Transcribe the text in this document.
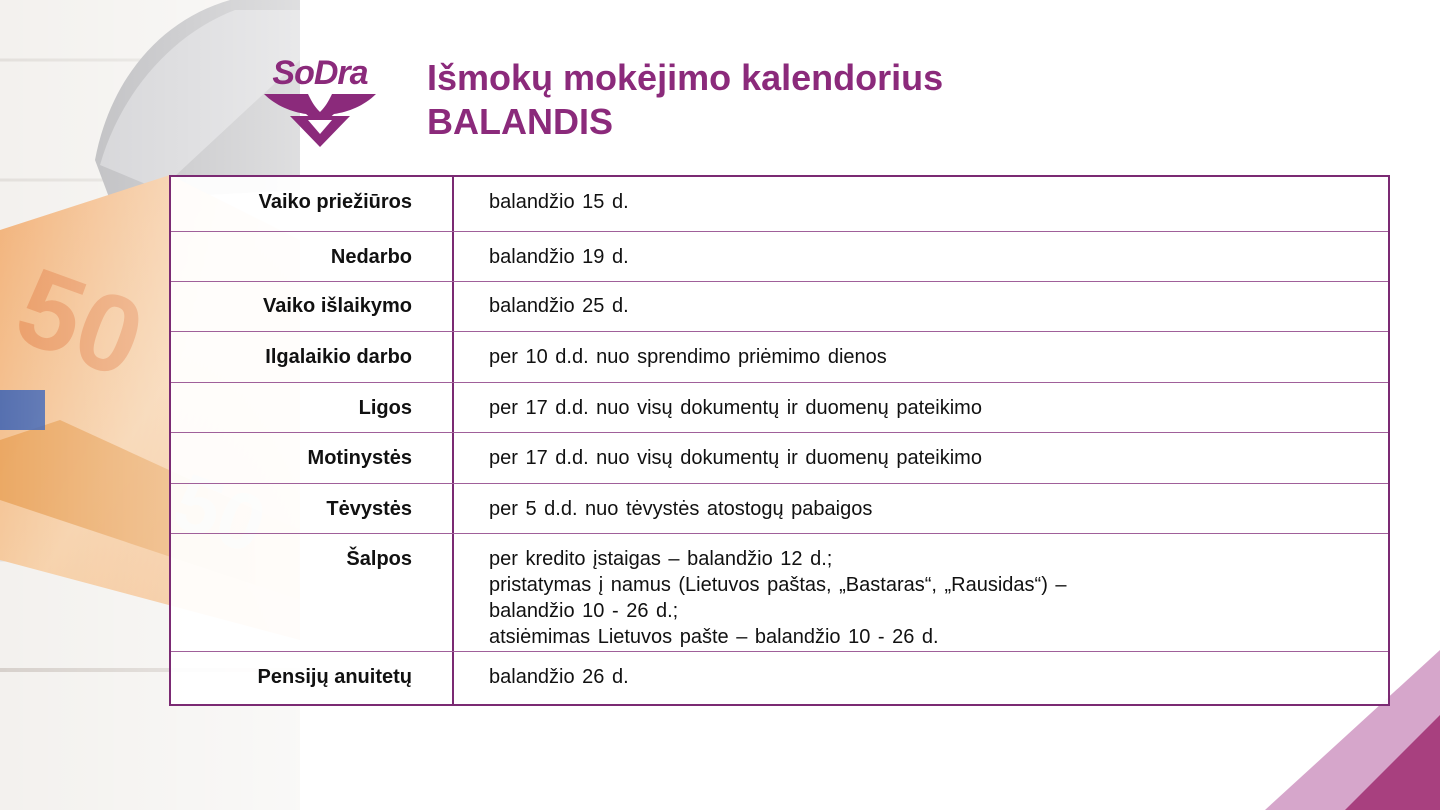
SoDra	Išmokų mokėjimo kalendorius
BALANDIS
Vaiko priežiūros	balandžio 15 d.
Nedarbo	balandžio 19 d.
Vaiko išlaikymo	balandžio 25 d.
Ilgalaikio darbo	per 10 d.d. nuo sprendimo priėmimo dienos
Ligos	per 17 d.d. nuo visų dokumentų ir duomenų pateikimo
Motinystės	per 17 d.d. nuo visų dokumentų ir duomenų pateikimo
Tėvystės	per 5 d.d. nuo tėvystės atostogų pabaigos
Šalpos	per kredito įstaigas – balandžio 12 d.;
pristatymas į namus (Lietuvos paštas, „Bastaras“, „Rausidas“) –
balandžio 10 - 26 d.;
atsiėmimas Lietuvos pašte – balandžio 10 - 26 d.
Pensijų anuitetų	balandžio 26 d.
